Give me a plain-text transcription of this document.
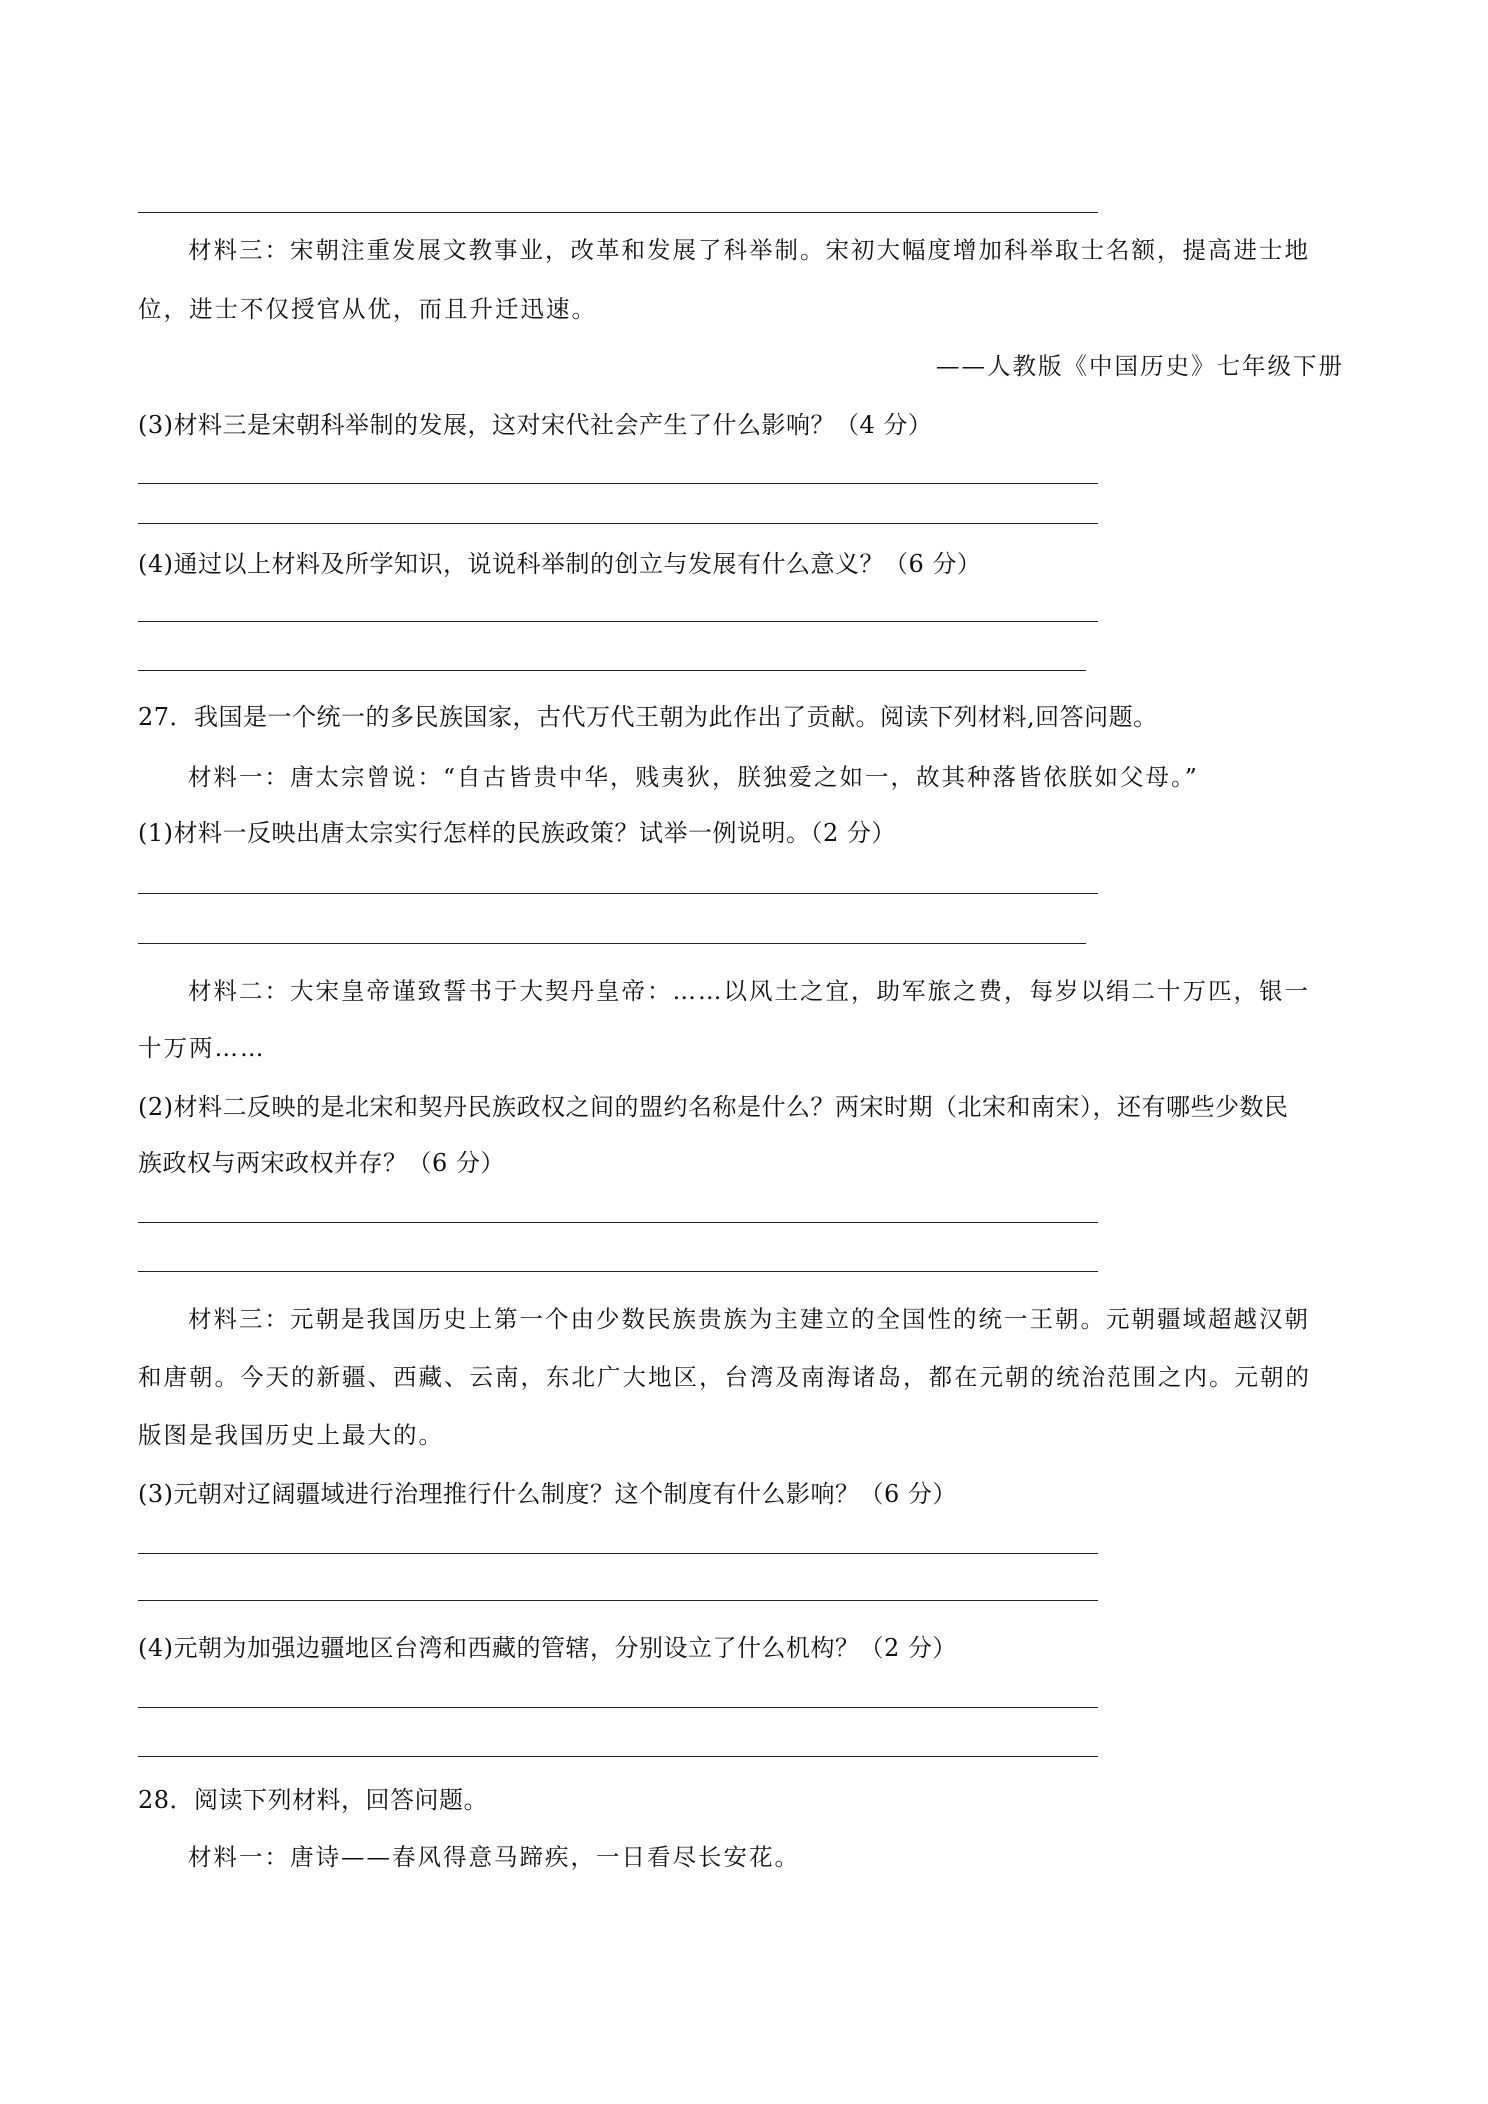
材料三：宋朝注重发展文教事业，改革和发展了科举制。宋初大幅度增加科举取士名额，提高进士地
位，进士不仅授官从优，而且升迁迅速。
——人教版《中国历史》七年级下册
(3)材料三是宋朝科举制的发展，这对宋代社会产生了什么影响？（4 分）
(4)通过以上材料及所学知识，说说科举制的创立与发展有什么意义？（6 分）
27．我国是一个统一的多民族国家，古代万代王朝为此作出了贡献。阅读下列材料,回答问题。
材料一：唐太宗曾说：“自古皆贵中华，贱夷狄，朕独爱之如一，故其种落皆依朕如父母。”
(1)材料一反映出唐太宗实行怎样的民族政策？试举一例说明。（2 分）
材料二：大宋皇帝谨致誓书于大契丹皇帝：……以风土之宜，助军旅之费，每岁以绢二十万匹，银一
十万两……
(2)材料二反映的是北宋和契丹民族政权之间的盟约名称是什么？两宋时期（北宋和南宋），还有哪些少数民
族政权与两宋政权并存？（6 分）
材料三：元朝是我国历史上第一个由少数民族贵族为主建立的全国性的统一王朝。元朝疆域超越汉朝
和唐朝。今天的新疆、西藏、云南，东北广大地区，台湾及南海诸岛，都在元朝的统治范围之内。元朝的
版图是我国历史上最大的。
(3)元朝对辽阔疆域进行治理推行什么制度？这个制度有什么影响？（6 分）
(4)元朝为加强边疆地区台湾和西藏的管辖，分别设立了什么机构？（2 分）
28．阅读下列材料，回答问题。
材料一：唐诗——春风得意马蹄疾，一日看尽长安花。
